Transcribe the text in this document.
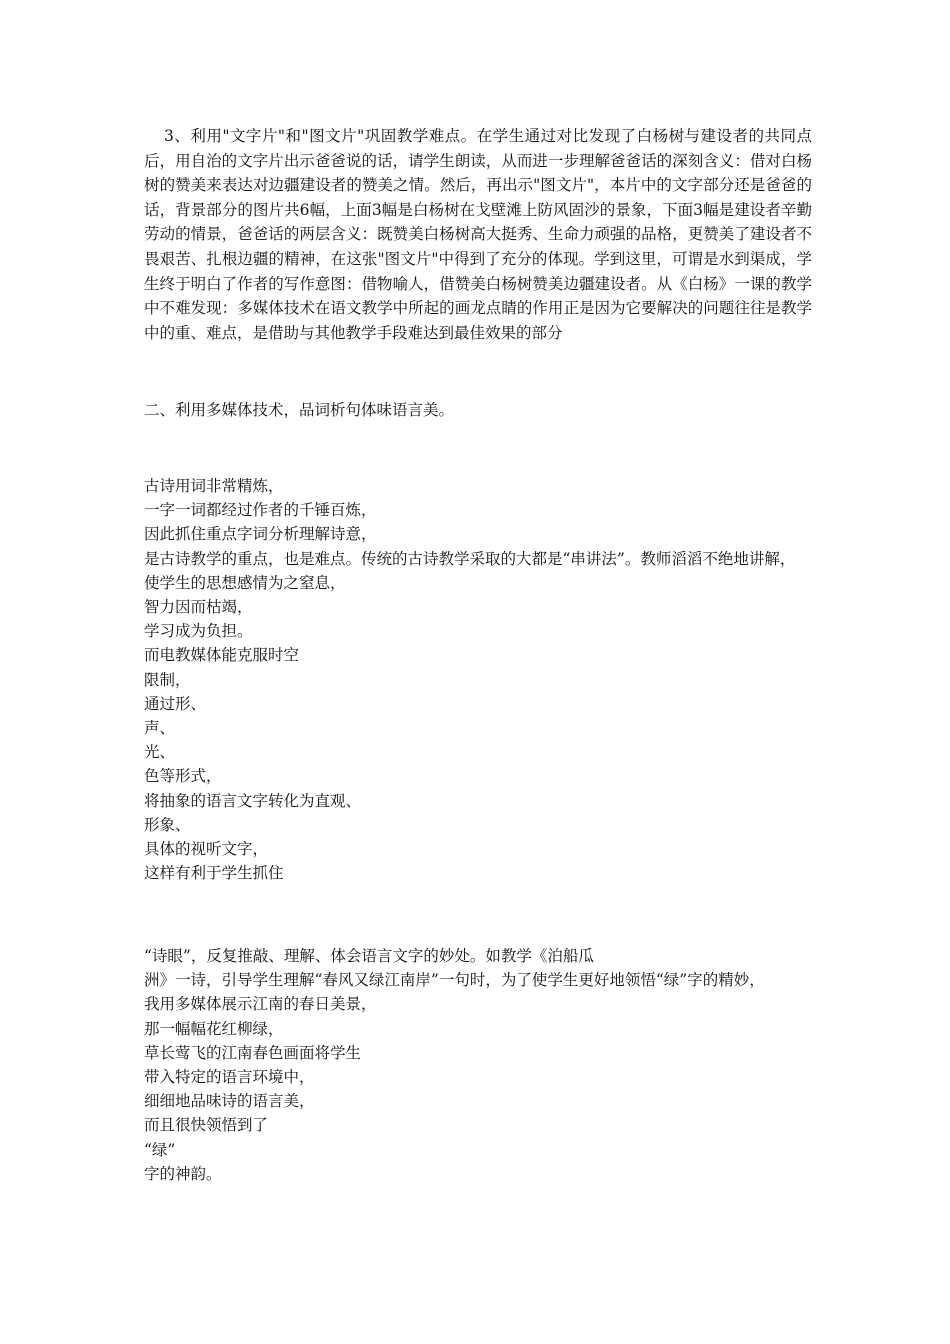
3、利用"文字片"和"图文片"巩固教学难点。在学生通过对比发现了白杨树与建设者的共同点后，用自治的文字片出示爸爸说的话，请学生朗读，从而进一步理解爸爸话的深刻含义：借对白杨树的赞美来表达对边疆建设者的赞美之情。然后，再出示"图文片"，本片中的文字部分还是爸爸的话，背景部分的图片共6幅，上面3幅是白杨树在戈壁滩上防风固沙的景象，下面3幅是建设者辛勤劳动的情景，爸爸话的两层含义：既赞美白杨树高大挺秀、生命力顽强的品格，更赞美了建设者不畏艰苦、扎根边疆的精神，在这张"图文片"中得到了充分的体现。学到这里，可谓是水到渠成，学生终于明白了作者的写作意图：借物喻人，借赞美白杨树赞美边疆建设者。从《白杨》一课的教学中不难发现：多媒体技术在语文教学中所起的画龙点睛的作用正是因为它要解决的问题往往是教学中的重、难点，是借助与其他教学手段难达到最佳效果的部分

二、利用多媒体技术，品词析句体味语言美。

古诗用词非常精炼，
一字一词都经过作者的千锤百炼，
因此抓住重点字词分析理解诗意，
是古诗教学的重点，也是难点。传统的古诗教学采取的大都是“串讲法”。教师滔滔不绝地讲解，
使学生的思想感情为之窒息，
智力因而枯竭，
学习成为负担。
而电教媒体能克服时空
限制，
通过形、
声、
光、
色等形式，
将抽象的语言文字转化为直观、
形象、
具体的视听文字，
这样有利于学生抓住
“诗眼”，反复推敲、理解、体会语言文字的妙处。如教学《泊船瓜
洲》一诗，引导学生理解“春风又绿江南岸”一句时，为了使学生更好地领悟“绿”字的精妙，
我用多媒体展示江南的春日美景，
那一幅幅花红柳绿，
草长莺飞的江南春色画面将学生
带入特定的语言环境中，
细细地品味诗的语言美，
而且很快领悟到了
“绿”
字的神韵。
